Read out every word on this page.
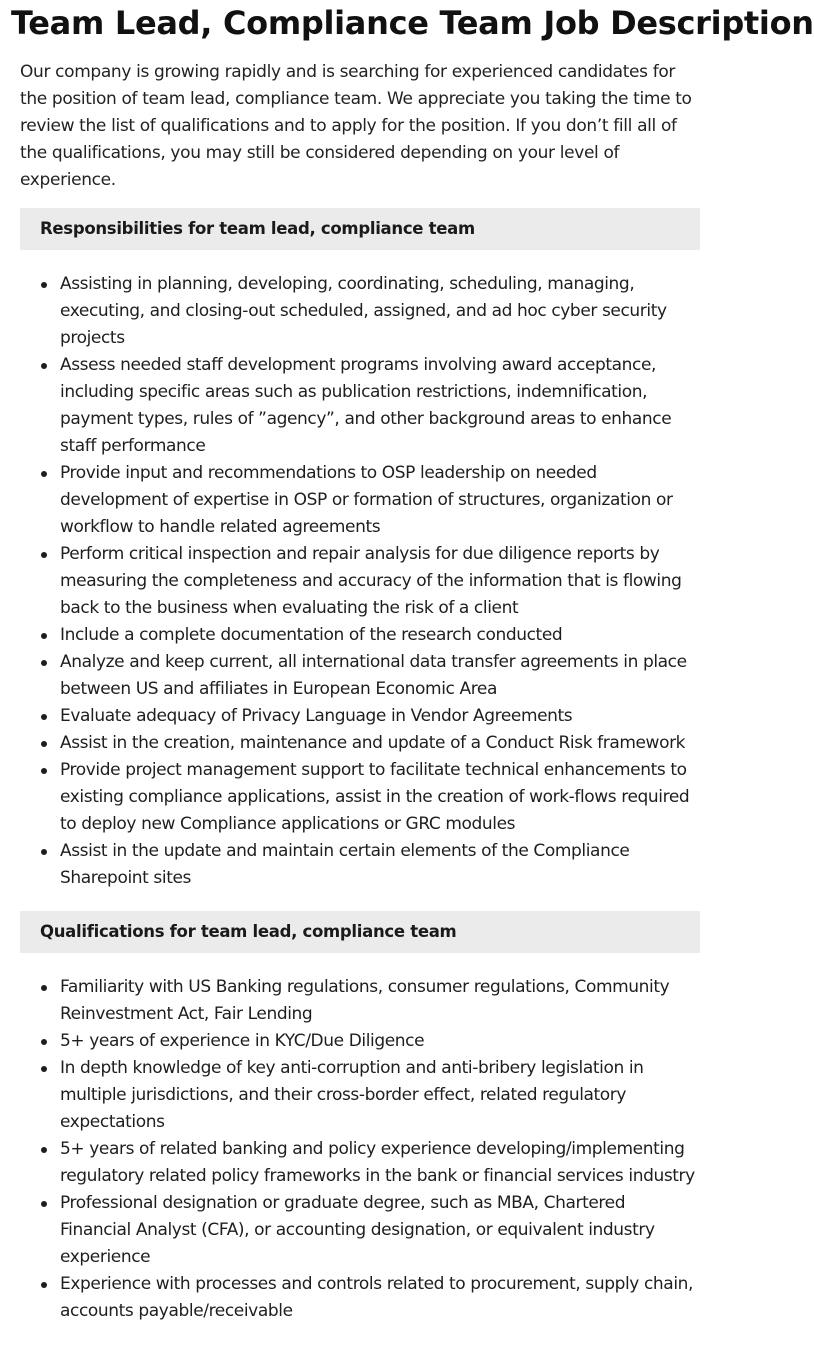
Team Lead, Compliance Team Job Description

Our company is growing rapidly and is searching for experienced candidates for the position of team lead, compliance team. We appreciate you taking the time to review the list of qualifications and to apply for the position. If you don’t fill all of the qualifications, you may still be considered depending on your level of experience.

Responsibilities for team lead, compliance team
Assisting in planning, developing, coordinating, scheduling, managing, executing, and closing-out scheduled, assigned, and ad hoc cyber security projects
Assess needed staff development programs involving award acceptance, including specific areas such as publication restrictions, indemnification, payment types, rules of ”agency”, and other background areas to enhance staff performance
Provide input and recommendations to OSP leadership on needed development of expertise in OSP or formation of structures, organization or workflow to handle related agreements
Perform critical inspection and repair analysis for due diligence reports by measuring the completeness and accuracy of the information that is flowing back to the business when evaluating the risk of a client
Include a complete documentation of the research conducted
Analyze and keep current, all international data transfer agreements in place between US and affiliates in European Economic Area
Evaluate adequacy of Privacy Language in Vendor Agreements
Assist in the creation, maintenance and update of a Conduct Risk framework
Provide project management support to facilitate technical enhancements to existing compliance applications, assist in the creation of work-flows required to deploy new Compliance applications or GRC modules
Assist in the update and maintain certain elements of the Compliance Sharepoint sites
Qualifications for team lead, compliance team
Familiarity with US Banking regulations, consumer regulations, Community Reinvestment Act, Fair Lending
5+ years of experience in KYC/Due Diligence
In depth knowledge of key anti-corruption and anti-bribery legislation in multiple jurisdictions, and their cross-border effect, related regulatory expectations
5+ years of related banking and policy experience developing/implementing regulatory related policy frameworks in the bank or financial services industry
Professional designation or graduate degree, such as MBA, Chartered Financial Analyst (CFA), or accounting designation, or equivalent industry experience
Experience with processes and controls related to procurement, supply chain, accounts payable/receivable
